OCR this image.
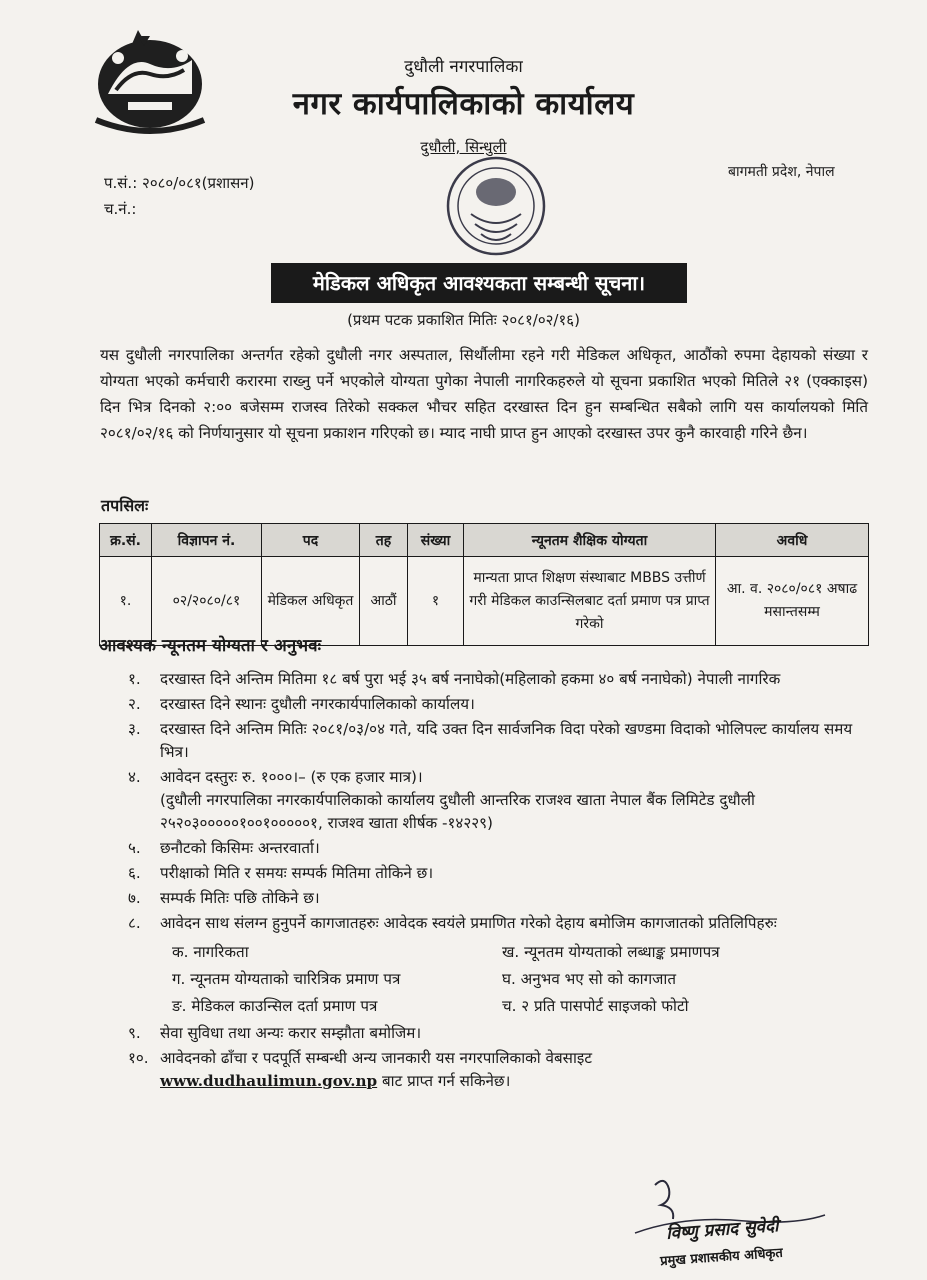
दुधौली नगरपालिका
नगर कार्यपालिकाको कार्यालय
दुधौली, सिन्धुली
बागमती प्रदेश, नेपाल
प.सं.: २०८०/०८१(प्रशासन)
च.नं.:
मेडिकल अधिकृत आवश्यकता सम्बन्धी सूचना।
(प्रथम पटक प्रकाशित मितिः २०८१/०२/१६)
यस दुधौली नगरपालिका अन्तर्गत रहेको दुधौली नगर अस्पताल, सिर्थौलीमा रहने गरी मेडिकल अधिकृत, आठौंको रुपमा देहायको संख्या र योग्यता भएको कर्मचारी करारमा राख्नु पर्ने भएकोले योग्यता पुगेका नेपाली नागरिकहरुले यो सूचना प्रकाशित भएको मितिले २१ (एक्काइस) दिन भित्र दिनको २:०० बजेसम्म राजस्व तिरेको सक्कल भौचर सहित दरखास्त दिन हुन सम्बन्धित सबैको लागि यस कार्यालयको मिति २०८१/०२/१६ को निर्णयानुसार यो सूचना प्रकाशन गरिएको छ। म्याद नाघी प्राप्त हुन आएको दरखास्त उपर कुनै कारवाही गरिने छैन।
तपसिलः
क्र.सं.	विज्ञापन नं.	पद	तह	संख्या	न्यूनतम शैक्षिक योग्यता	अवधि
१.	०२/२०८०/८१	मेडिकल अधिकृत	आठौं	१	मान्यता प्राप्त शिक्षण संस्थाबाट MBBS उत्तीर्ण गरी मेडिकल काउन्सिलबाट दर्ता प्रमाण पत्र प्राप्त गरेको	आ. व. २०८०/०८१ अषाढ मसान्तसम्म
आवश्यक न्यूनतम योग्यता र अनुभवः
१. दरखास्त दिने अन्तिम मितिमा १८ बर्ष पुरा भई ३५ बर्ष ननाघेको(महिलाको हकमा ४० बर्ष ननाघेको) नेपाली नागरिक
२. दरखास्त दिने स्थानः दुधौली नगरकार्यपालिकाको कार्यालय।
३. दरखास्त दिने अन्तिम मितिः २०८१/०३/०४ गते, यदि उक्त दिन सार्वजनिक विदा परेको खण्डमा विदाको भोलिपल्ट कार्यालय समय भित्र।
४. आवेदन दस्तुरः रु. १०००।– (रु एक हजार मात्र)।
(दुधौली नगरपालिका नगरकार्यपालिकाको कार्यालय दुधौली आन्तरिक राजश्व खाता नेपाल बैंक लिमिटेड दुधौली २५२०३०००००१००१०००००१, राजश्व खाता शीर्षक -१४२२९)
५. छनौटको किसिमः अन्तरवार्ता।
६. परीक्षाको मिति र समयः सम्पर्क मितिमा तोकिने छ।
७. सम्पर्क मितिः पछि तोकिने छ।
८. आवेदन साथ संलग्न हुनुपर्ने कागजातहरुः आवेदक स्वयंले प्रमाणित गरेको देहाय बमोजिम कागजातको प्रतिलिपिहरुः
क. नागरिकता	ख. न्यूनतम योग्यताको लब्धाङ्क प्रमाणपत्र
ग. न्यूनतम योग्यताको चारित्रिक प्रमाण पत्र	घ. अनुभव भए सो को कागजात
ङ. मेडिकल काउन्सिल दर्ता प्रमाण पत्र	च. २ प्रति पासपोर्ट साइजको फोटो
९. सेवा सुविधा तथा अन्यः करार सम्झौता बमोजिम।
१०. आवेदनको ढाँचा र पदपूर्ति सम्बन्धी अन्य जानकारी यस नगरपालिकाको वेबसाइट
www.dudhaulimun.gov.np बाट प्राप्त गर्न सकिनेछ।
विष्णु प्रसाद सुवेदी
प्रमुख प्रशासकीय अधिकृत
